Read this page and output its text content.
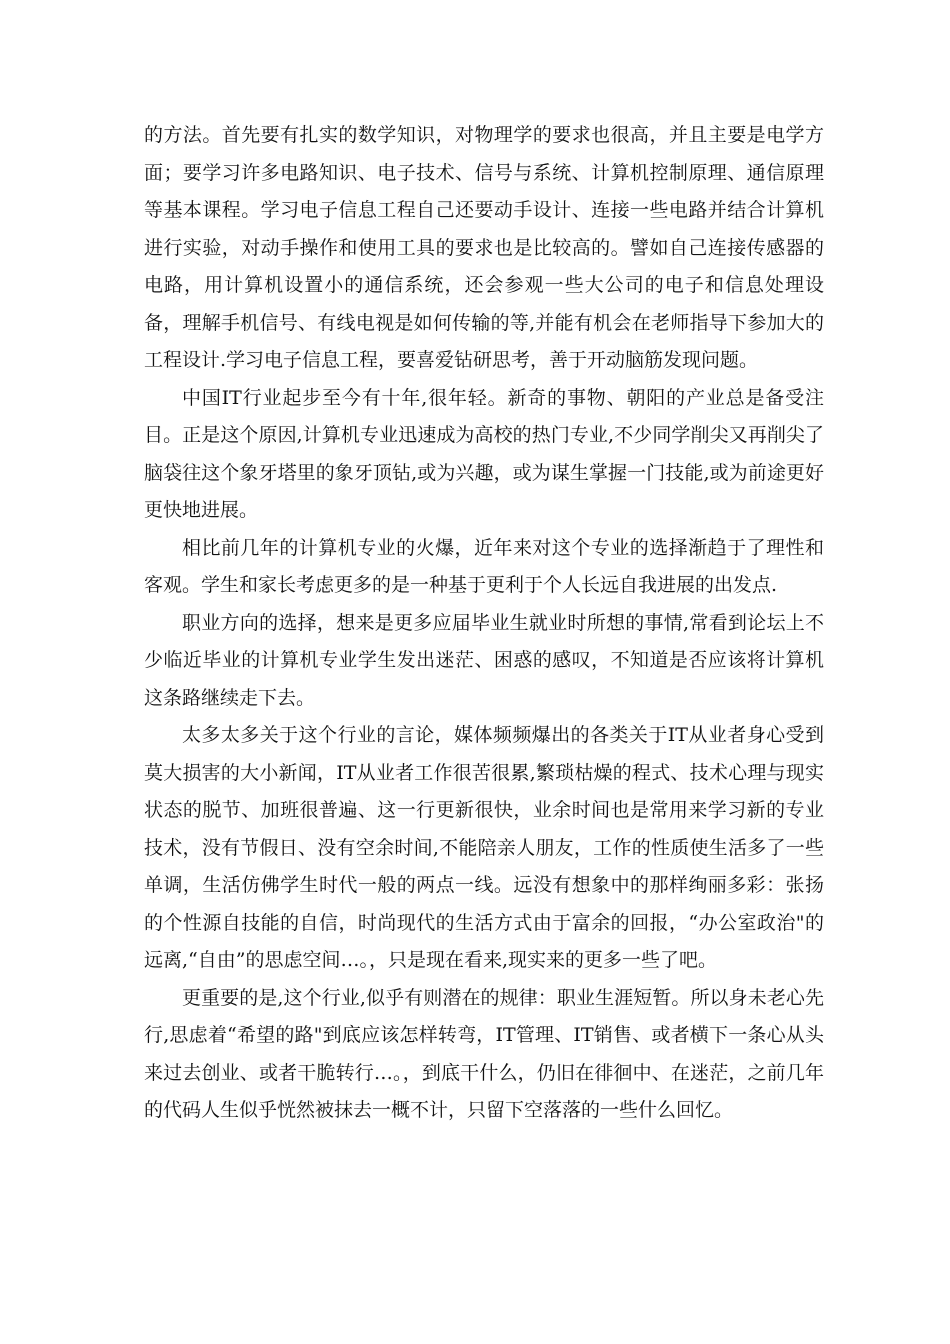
的方法。首先要有扎实的数学知识，对物理学的要求也很高，并且主要是电学方面；要学习许多电路知识、电子技术、信号与系统、计算机控制原理、通信原理等基本课程。学习电子信息工程自己还要动手设计、连接一些电路并结合计算机进行实验，对动手操作和使用工具的要求也是比较高的。譬如自己连接传感器的电路，用计算机设置小的通信系统，还会参观一些大公司的电子和信息处理设备，理解手机信号、有线电视是如何传输的等,并能有机会在老师指导下参加大的工程设计.学习电子信息工程，要喜爱钻研思考，善于开动脑筋发现问题。

中国IT行业起步至今有十年,很年轻。新奇的事物、朝阳的产业总是备受注目。正是这个原因,计算机专业迅速成为高校的热门专业,不少同学削尖又再削尖了脑袋往这个象牙塔里的象牙顶钻,或为兴趣，或为谋生掌握一门技能,或为前途更好更快地进展。

相比前几年的计算机专业的火爆，近年来对这个专业的选择渐趋于了理性和客观。学生和家长考虑更多的是一种基于更利于个人长远自我进展的出发点.

职业方向的选择，想来是更多应届毕业生就业时所想的事情,常看到论坛上不少临近毕业的计算机专业学生发出迷茫、困惑的感叹，不知道是否应该将计算机这条路继续走下去。

太多太多关于这个行业的言论，媒体频频爆出的各类关于IT从业者身心受到莫大损害的大小新闻，IT从业者工作很苦很累,繁琐枯燥的程式、技术心理与现实状态的脱节、加班很普遍、这一行更新很快，业余时间也是常用来学习新的专业技术，没有节假日、没有空余时间,不能陪亲人朋友，工作的性质使生活多了一些单调，生活仿佛学生时代一般的两点一线。远没有想象中的那样绚丽多彩：张扬的个性源自技能的自信，时尚现代的生活方式由于富余的回报，“办公室政治"的远离,“自由”的思虑空间…。，只是现在看来,现实来的更多一些了吧。

更重要的是,这个行业,似乎有则潜在的规律：职业生涯短暂。所以身未老心先行,思虑着“希望的路"到底应该怎样转弯，IT管理、IT销售、或者横下一条心从头来过去创业、或者干脆转行…。，到底干什么，仍旧在徘徊中、在迷茫，之前几年的代码人生似乎恍然被抹去一概不计，只留下空落落的一些什么回忆。
